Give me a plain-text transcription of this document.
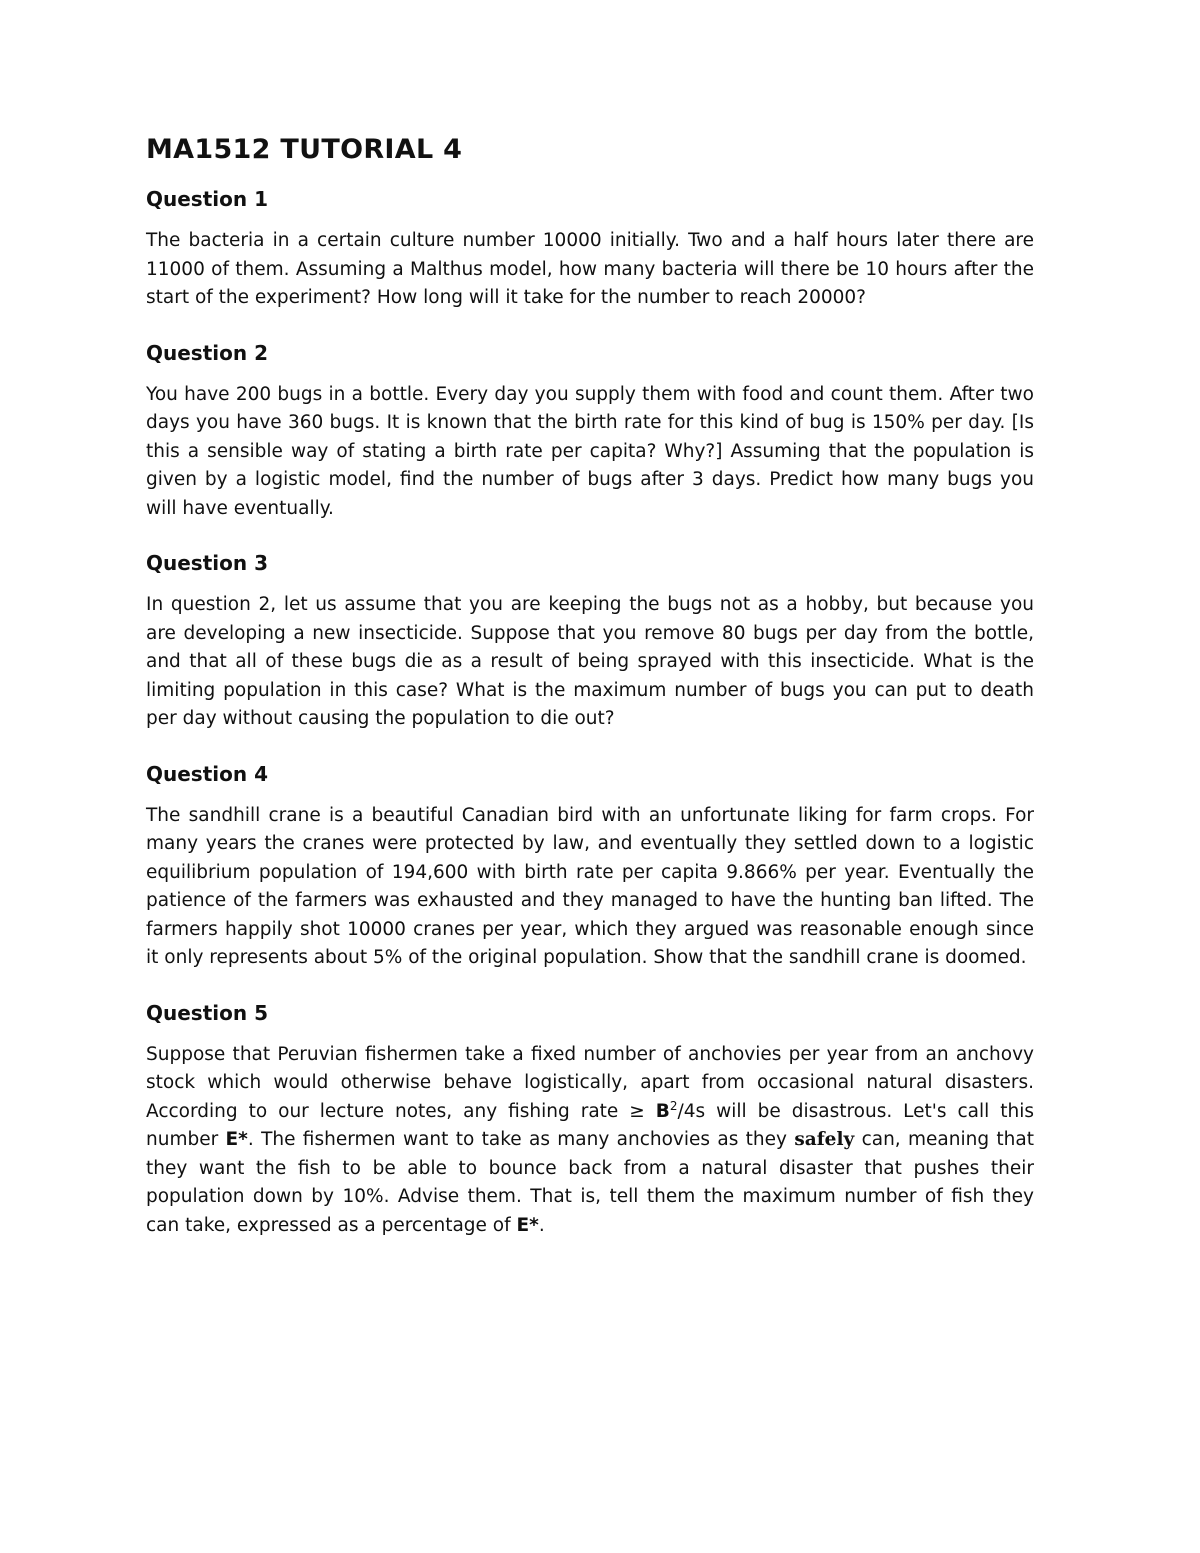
MA1512 TUTORIAL 4
Question 1

The bacteria in a certain culture number 10000 initially. Two and a half hours later there are 11000 of them. Assuming a Malthus model, how many bacteria will there be 10 hours after the start of the experiment? How long will it take for the number to reach 20000?

Question 2

You have 200 bugs in a bottle. Every day you supply them with food and count them. After two days you have 360 bugs. It is known that the birth rate for this kind of bug is 150% per day. [Is this a sensible way of stating a birth rate per capita? Why?] Assuming that the population is given by a logistic model, find the number of bugs after 3 days. Predict how many bugs you will have eventually.

Question 3

In question 2, let us assume that you are keeping the bugs not as a hobby, but because you are developing a new insecticide. Suppose that you remove 80 bugs per day from the bottle, and that all of these bugs die as a result of being sprayed with this insecticide. What is the limiting population in this case? What is the maximum number of bugs you can put to death per day without causing the population to die out?

Question 4

The sandhill crane is a beautiful Canadian bird with an unfortunate liking for farm crops. For many years the cranes were protected by law, and eventually they settled down to a logistic equilibrium population of 194,600 with birth rate per capita 9.866% per year. Eventually the patience of the farmers was exhausted and they managed to have the hunting ban lifted. The farmers happily shot 10000 cranes per year, which they argued was reasonable enough since it only represents about 5% of the original population. Show that the sandhill crane is doomed.

Question 5

Suppose that Peruvian fishermen take a fixed number of anchovies per year from an anchovy stock which would otherwise behave logistically, apart from occasional natural disasters. According to our lecture notes, any fishing rate ≥ $B^2/4s$ will be disastrous. Let's call this number E*. The fishermen want to take as many anchovies as they safely can, meaning that they want the fish to be able to bounce back from a natural disaster that pushes their population down by 10%. Advise them. That is, tell them the maximum number of fish they can take, expressed as a percentage of E*.
